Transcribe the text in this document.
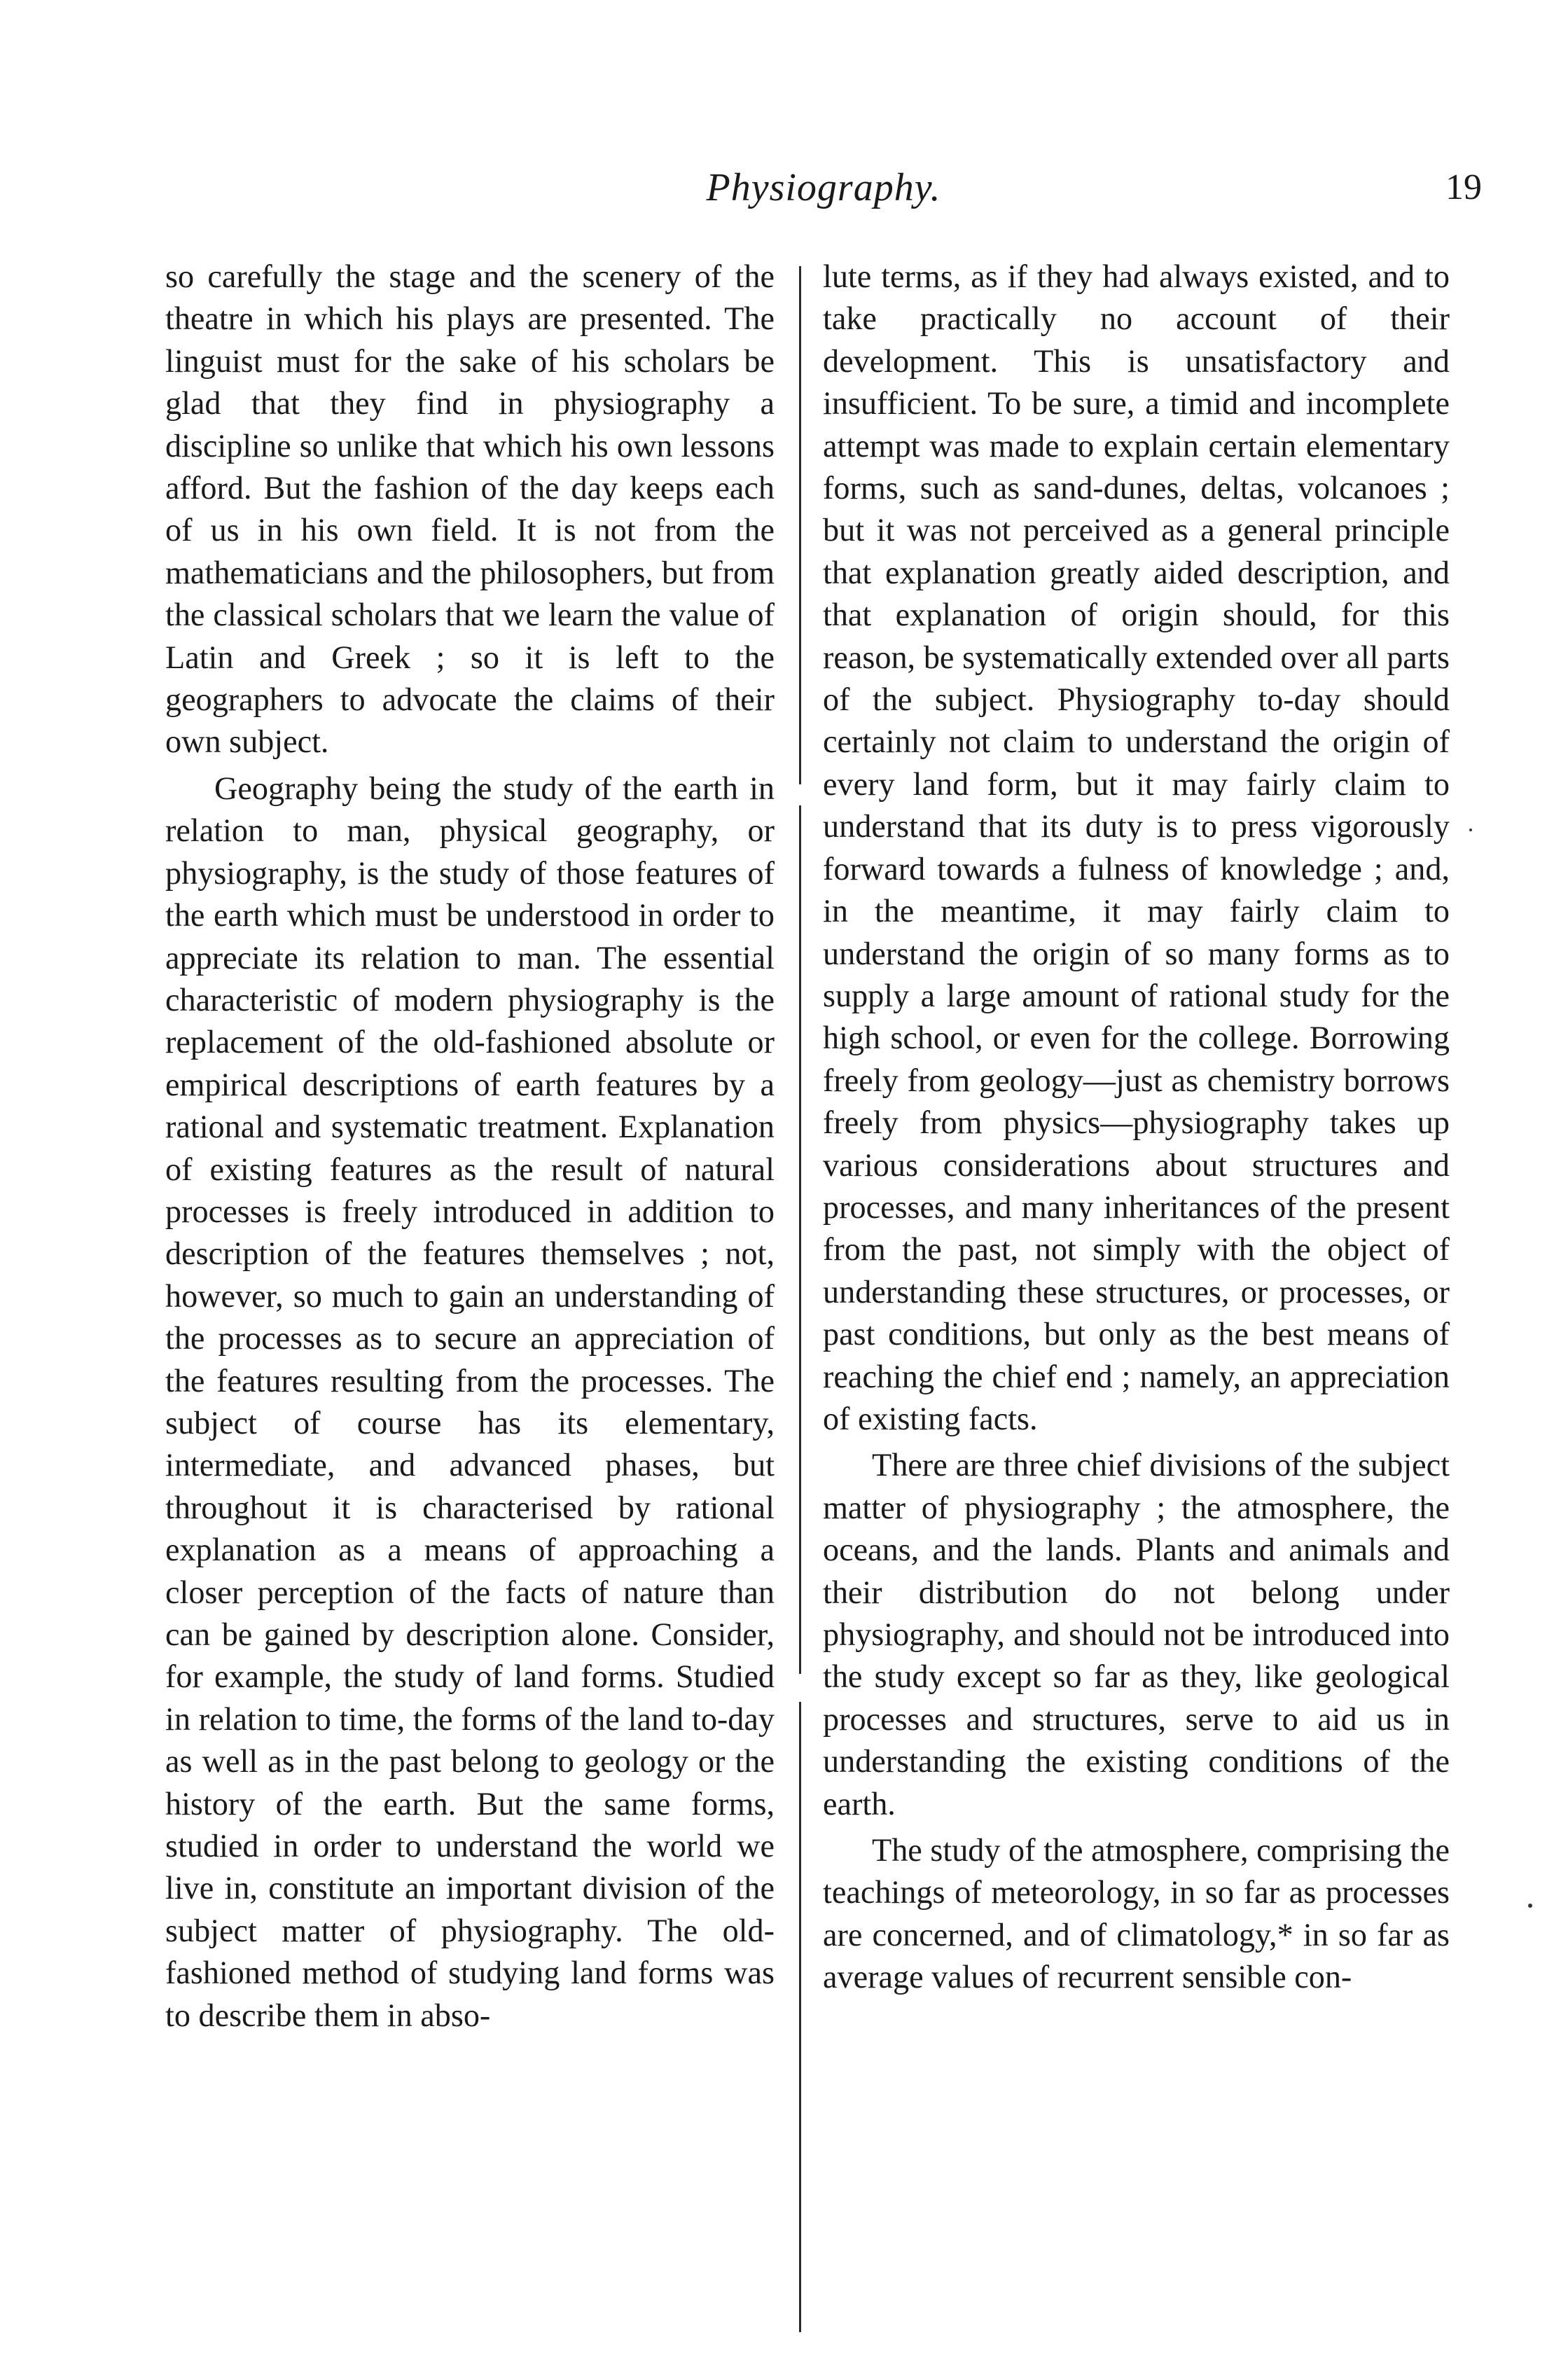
Physiography.	19

so carefully the stage and the scenery of the theatre in which his plays are presented. The linguist must for the sake of his scholars be glad that they find in physiography a discipline so unlike that which his own lessons afford. But the fashion of the day keeps each of us in his own field. It is not from the mathematicians and the philosophers, but from the classical scholars that we learn the value of Latin and Greek ; so it is left to the geographers to advocate the claims of their own subject.

Geography being the study of the earth in relation to man, physical geography, or physiography, is the study of those features of the earth which must be understood in order to appreciate its relation to man. The essential characteristic of modern physiography is the replacement of the old-fashioned absolute or empirical descriptions of earth features by a rational and systematic treatment. Explanation of existing features as the result of natural processes is freely introduced in addition to description of the features themselves ; not, however, so much to gain an understanding of the processes as to secure an appreciation of the features resulting from the processes. The subject of course has its elementary, intermediate, and advanced phases, but throughout it is characterised by rational explanation as a means of approaching a closer perception of the facts of nature than can be gained by description alone. Consider, for example, the study of land forms. Studied in relation to time, the forms of the land to-day as well as in the past belong to geology or the history of the earth. But the same forms, studied in order to understand the world we live in, constitute an important division of the subject matter of physiography. The old-fashioned method of studying land forms was to describe them in abso-

lute terms, as if they had always existed, and to take practically no account of their development. This is unsatisfactory and insufficient. To be sure, a timid and incomplete attempt was made to explain certain elementary forms, such as sand-dunes, deltas, volcanoes ; but it was not perceived as a general principle that explanation greatly aided description, and that explanation of origin should, for this reason, be systematically extended over all parts of the subject. Physiography to-day should certainly not claim to understand the origin of every land form, but it may fairly claim to understand that its duty is to press vigorously forward towards a fulness of knowledge ; and, in the meantime, it may fairly claim to understand the origin of so many forms as to supply a large amount of rational study for the high school, or even for the college. Borrowing freely from geology—just as chemistry borrows freely from physics—physiography takes up various considerations about structures and processes, and many inheritances of the present from the past, not simply with the object of understanding these structures, or processes, or past conditions, but only as the best means of reaching the chief end ; namely, an appreciation of existing facts.

There are three chief divisions of the subject matter of physiography ; the atmosphere, the oceans, and the lands. Plants and animals and their distribution do not belong under physiography, and should not be introduced into the study except so far as they, like geological processes and structures, serve to aid us in understanding the existing conditions of the earth.

The study of the atmosphere, comprising the teachings of meteorology, in so far as processes are concerned, and of climatology,* in so far as average values of recurrent sensible con-
